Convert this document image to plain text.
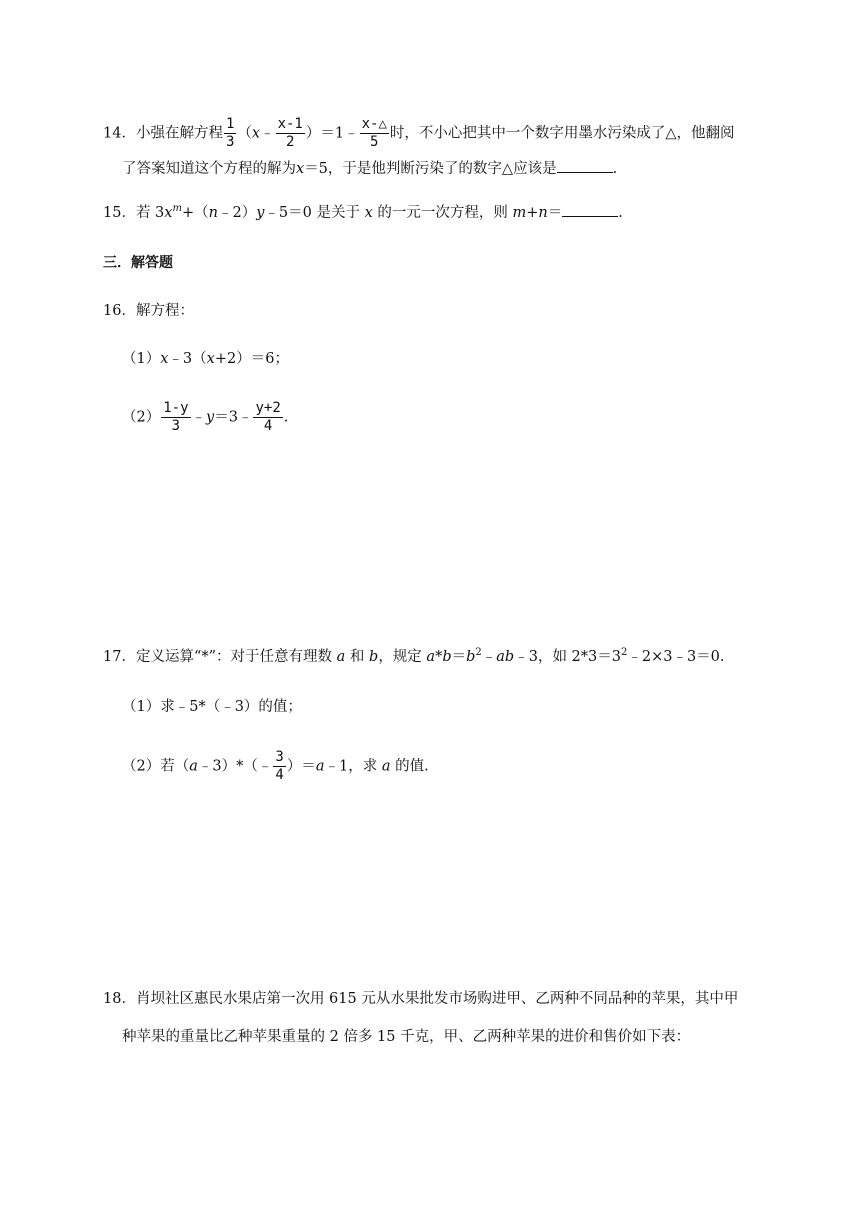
14．小强在解方程 $\frac{1}{3}$ （x﹣ $\frac{x-1}{2}$ ）＝1﹣ $\frac{x-\triangle}{5}$ 时，不小心把其中一个数字用墨水污染成了△，他翻阅
了答案知道这个方程的解为x＝5，于是他判断污染了的数字△应该是	.
15．若 $3x^m+(n﹣2)y﹣5=0$ 是关于 x 的一元一次方程，则 m+n＝	.
三．解答题
16．解方程：
（1）x﹣3（x+2）＝6；
$(2) \frac{1-y}{3}$ ﹣y＝3﹣ $\frac{y+2}{4}$ .
17．定义运算“*”：对于任意有理数 a 和 b，规定 $a*b=b^2﹣ab﹣3$，如 $2*3=3^2﹣2\times 3﹣3=0$.
（1）求﹣5*（﹣3）的值；
（2）若（a﹣3）*（﹣ $\frac{3}{4}$ ）＝a﹣1，求 a 的值.
18．肖坝社区惠民水果店第一次用 615 元从水果批发市场购进甲、乙两种不同品种的苹果，其中甲
种苹果的重量比乙种苹果重量的 2 倍多 15 千克，甲、乙两种苹果的进价和售价如下表：
